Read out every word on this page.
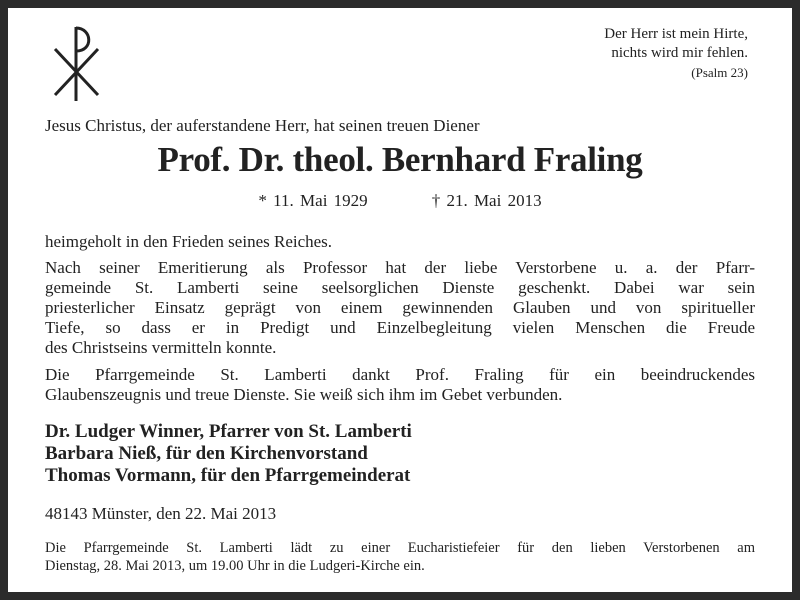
Der Herr ist mein Hirte,
nichts wird mir fehlen.
(Psalm 23)
Jesus Christus, der auferstandene Herr, hat seinen treuen Diener
Prof. Dr. theol. Bernhard Fraling
* 11. Mai 1929	† 21. Mai 2013
heimgeholt in den Frieden seines Reiches.
Nach seiner Emeritierung als Professor hat der liebe Verstorbene u. a. der Pfarr-
gemeinde St. Lamberti seine seelsorglichen Dienste geschenkt. Dabei war sein
priesterlicher Einsatz geprägt von einem gewinnenden Glauben und von spiritueller
Tiefe, so dass er in Predigt und Einzelbegleitung vielen Menschen die Freude
des Christseins vermitteln konnte.
Die Pfarrgemeinde St. Lamberti dankt Prof. Fraling für ein beeindruckendes
Glaubenszeugnis und treue Dienste. Sie weiß sich ihm im Gebet verbunden.
Dr. Ludger Winner, Pfarrer von St. Lamberti
Barbara Nieß, für den Kirchenvorstand
Thomas Vormann, für den Pfarrgemeinderat
48143 Münster, den 22. Mai 2013
Die Pfarrgemeinde St. Lamberti lädt zu einer Eucharistiefeier für den lieben Verstorbenen am
Dienstag, 28. Mai 2013, um 19.00 Uhr in die Ludgeri-Kirche ein.
